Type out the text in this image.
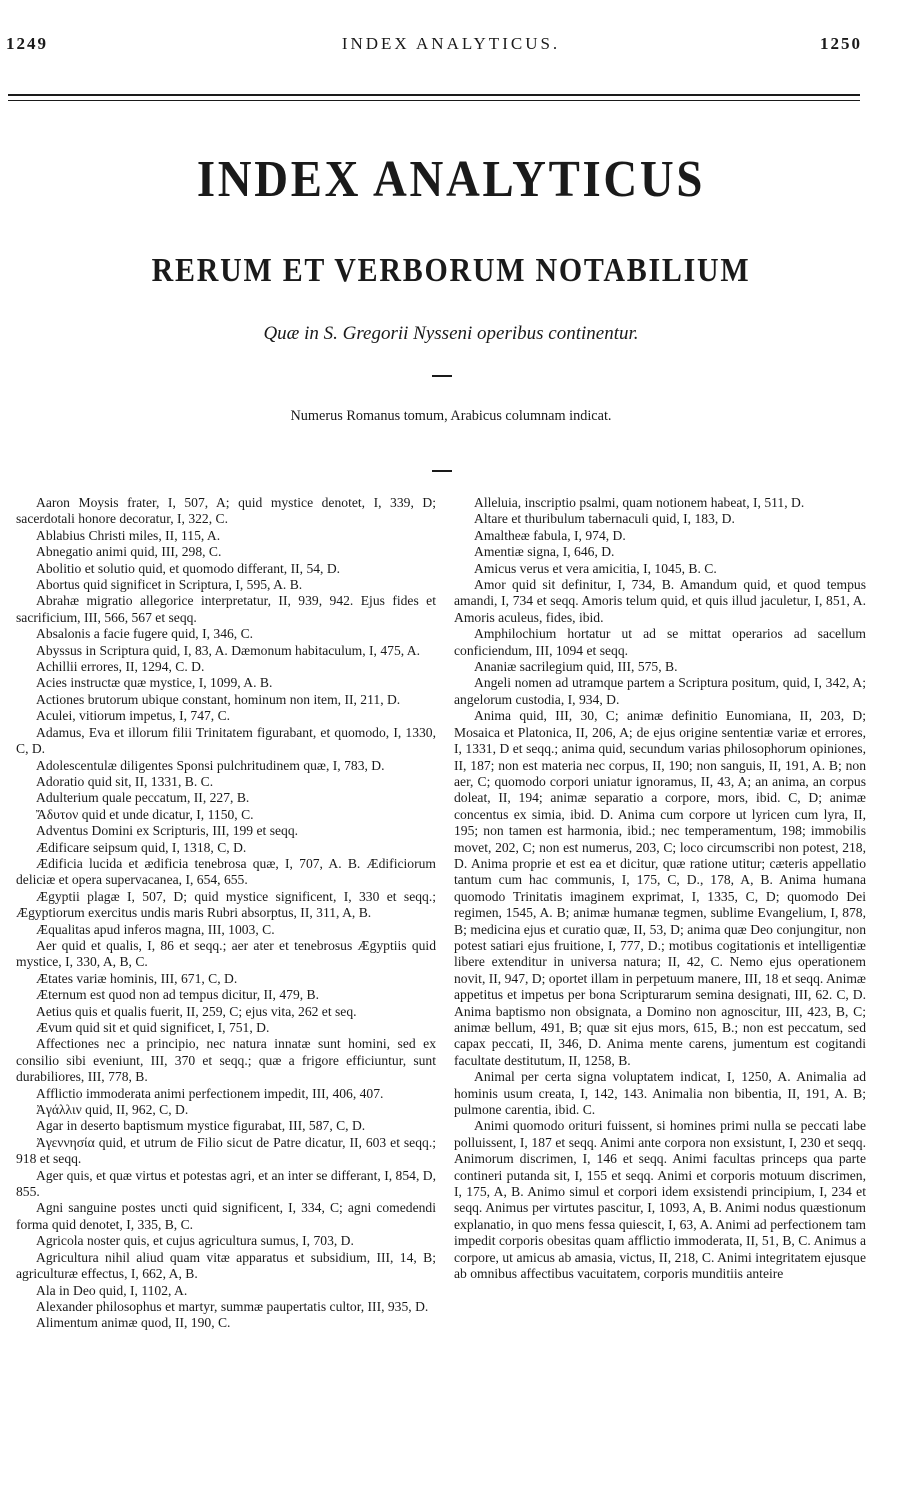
1249	INDEX ANALYTICUS.	1250
INDEX ANALYTICUS
RERUM ET VERBORUM NOTABILIUM
Quæ in S. Gregorii Nysseni operibus continentur.
Numerus Romanus tomum, Arabicus columnam indicat.

Aaron Moysis frater, I, 507, A; quid mystice denotet, I, 339, D; sacerdotali honore decoratur, I, 322, C.

Ablabius Christi miles, II, 115, A.

Abnegatio animi quid, III, 298, C.

Abolitio et solutio quid, et quomodo differant, II, 54, D.

Abortus quid significet in Scriptura, I, 595, A. B.

Abrahæ migratio allegorice interpretatur, II, 939, 942. Ejus fides et sacrificium, III, 566, 567 et seqq.

Absalonis a facie fugere quid, I, 346, C.

Abyssus in Scriptura quid, I, 83, A. Dæmonum habitaculum, I, 475, A.

Achillii errores, II, 1294, C. D.

Acies instructæ quæ mystice, I, 1099, A. B.

Actiones brutorum ubique constant, hominum non item, II, 211, D.

Aculei, vitiorum impetus, I, 747, C.

Adamus, Eva et illorum filii Trinitatem figurabant, et quomodo, I, 1330, C, D.

Adolescentulæ diligentes Sponsi pulchritudinem quæ, I, 783, D.

Adoratio quid sit, II, 1331, B. C.

Adulterium quale peccatum, II, 227, B.

Ἄδυτον quid et unde dicatur, I, 1150, C.

Adventus Domini ex Scripturis, III, 199 et seqq.

Ædificare seipsum quid, I, 1318, C, D.

Ædificia lucida et ædificia tenebrosa quæ, I, 707, A. B. Ædificiorum deliciæ et opera supervacanea, I, 654, 655.

Ægyptii plagæ I, 507, D; quid mystice significent, I, 330 et seqq.; Ægyptiorum exercitus undis maris Rubri absorptus, II, 311, A, B.

Æqualitas apud inferos magna, III, 1003, C.

Aer quid et qualis, I, 86 et seqq.; aer ater et tenebrosus Ægyptiis quid mystice, I, 330, A, B, C.

Ætates variæ hominis, III, 671, C, D.

Æternum est quod non ad tempus dicitur, II, 479, B.

Aetius quis et qualis fuerit, II, 259, C; ejus vita, 262 et seq.

Ævum quid sit et quid significet, I, 751, D.

Affectiones nec a principio, nec natura innatæ sunt homini, sed ex consilio sibi eveniunt, III, 370 et seqq.; quæ a frigore efficiuntur, sunt durabiliores, III, 778, B.

Afflictio immoderata animi perfectionem impedit, III, 406, 407.

Ἀγάλλιν quid, II, 962, C, D.

Agar in deserto baptismum mystice figurabat, III, 587, C, D.

Ἀγεννησία quid, et utrum de Filio sicut de Patre dicatur, II, 603 et seqq.; 918 et seqq.

Ager quis, et quæ virtus et potestas agri, et an inter se differant, I, 854, D, 855.

Agni sanguine postes uncti quid significent, I, 334, C; agni comedendi forma quid denotet, I, 335, B, C.

Agricola noster quis, et cujus agricultura sumus, I, 703, D.

Agricultura nihil aliud quam vitæ apparatus et subsidium, III, 14, B; agriculturæ effectus, I, 662, A, B.

Ala in Deo quid, I, 1102, A.

Alexander philosophus et martyr, summæ paupertatis cultor, III, 935, D.

Alimentum animæ quod, II, 190, C.

Alleluia, inscriptio psalmi, quam notionem habeat, I, 511, D.

Altare et thuribulum tabernaculi quid, I, 183, D.

Amaltheæ fabula, I, 974, D.

Amentiæ signa, I, 646, D.

Amicus verus et vera amicitia, I, 1045, B. C.

Amor quid sit definitur, I, 734, B. Amandum quid, et quod tempus amandi, I, 734 et seqq. Amoris telum quid, et quis illud jaculetur, I, 851, A. Amoris aculeus, fides, ibid.

Amphilochium hortatur ut ad se mittat operarios ad sacellum conficiendum, III, 1094 et seqq.

Ananiæ sacrilegium quid, III, 575, B.

Angeli nomen ad utramque partem a Scriptura positum, quid, I, 342, A; angelorum custodia, I, 934, D.

Anima quid, III, 30, C; animæ definitio Eunomiana, II, 203, D; Mosaica et Platonica, II, 206, A; de ejus origine sententiæ variæ et errores, I, 1331, D et seqq.; anima quid, secundum varias philosophorum opiniones, II, 187; non est materia nec corpus, II, 190; non sanguis, II, 191, A. B; non aer, C; quomodo corpori uniatur ignoramus, II, 43, A; an anima, an corpus doleat, II, 194; animæ separatio a corpore, mors, ibid. C, D; animæ concentus ex simia, ibid. D. Anima cum corpore ut lyricen cum lyra, II, 195; non tamen est harmonia, ibid.; nec temperamentum, 198; immobilis movet, 202, C; non est numerus, 203, C; loco circumscribi non potest, 218, D. Anima proprie et est ea et dicitur, quæ ratione utitur; cæteris appellatio tantum cum hac communis, I, 175, C, D., 178, A, B. Anima humana quomodo Trinitatis imaginem exprimat, I, 1335, C, D; quomodo Dei regimen, 1545, A. B; animæ humanæ tegmen, sublime Evangelium, I, 878, B; medicina ejus et curatio quæ, II, 53, D; anima quæ Deo conjungitur, non potest satiari ejus fruitione, I, 777, D.; motibus cogitationis et intelligentiæ libere extenditur in universa natura; II, 42, C. Nemo ejus operationem novit, II, 947, D; oportet illam in perpetuum manere, III, 18 et seqq. Animæ appetitus et impetus per bona Scripturarum semina designati, III, 62. C, D. Anima baptismo non obsignata, a Domino non agnoscitur, III, 423, B, C; animæ bellum, 491, B; quæ sit ejus mors, 615, B.; non est peccatum, sed capax peccati, II, 346, D. Anima mente carens, jumentum est cogitandi facultate destitutum, II, 1258, B.

Animal per certa signa voluptatem indicat, I, 1250, A. Animalia ad hominis usum creata, I, 142, 143. Animalia non bibentia, II, 191, A. B; pulmone carentia, ibid. C.

Animi quomodo orituri fuissent, si homines primi nulla se peccati labe polluissent, I, 187 et seqq. Animi ante corpora non exsistunt, I, 230 et seqq. Animorum discrimen, I, 146 et seqq. Animi facultas princeps qua parte contineri putanda sit, I, 155 et seqq. Animi et corporis motuum discrimen, I, 175, A, B. Animo simul et corpori idem exsistendi principium, I, 234 et seqq. Animus per virtutes pascitur, I, 1093, A, B. Animi nodus quæstionum explanatio, in quo mens fessa quiescit, I, 63, A. Animi ad perfectionem tam impedit corporis obesitas quam afflictio immoderata, II, 51, B, C. Animus a corpore, ut amicus ab amasia, victus, II, 218, C. Animi integritatem ejusque ab omnibus affectibus vacuitatem, corporis munditiis anteire
